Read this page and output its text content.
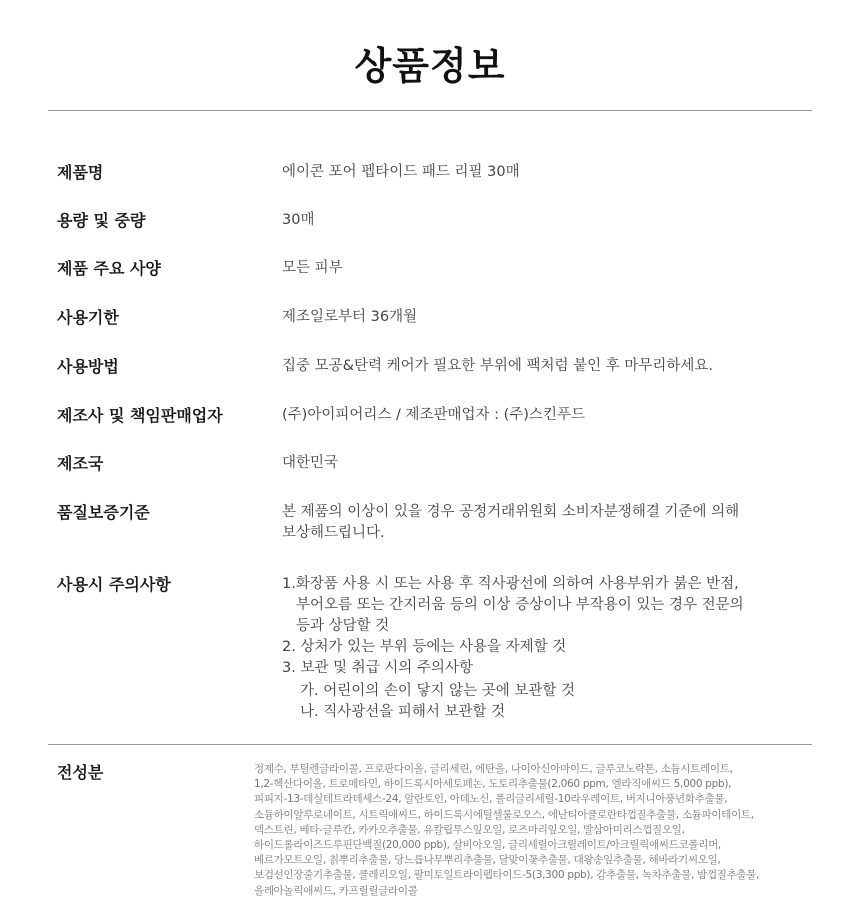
상품정보
제품명	에이콘 포어 펩타이드 패드 리필 30매
용량 및 중량	30매
제품 주요 사양	모든 피부
사용기한	제조일로부터 36개월
사용방법	집중 모공&탄력 케어가 필요한 부위에 팩처럼 붙인 후 마무리하세요.
제조사 및 책임판매업자	(주)아이피어리스 / 제조판매업자 : (주)스킨푸드
제조국	대한민국
품질보증기준	본 제품의 이상이 있을 경우 공정거래위원회 소비자분쟁해결 기준에 의해

보상해드립니다.

사용시 주의사항	1.화장품 사용 시 또는 사용 후 직사광선에 의하여 사용부위가 붉은 반점,

부어오름 또는 간지러움 등의 이상 증상이나 부작용이 있는 경우 전문의

등과 상담할 것

2. 상처가 있는 부위 등에는 사용을 자제할 것

3. 보관 및 취급 시의 주의사항

가. 어린이의 손이 닿지 않는 곳에 보관할 것

나. 직사광선을 피해서 보관할 것

전성분	정제수, 부틸렌글라이콜, 프로판다이올, 글리세린, 에탄올, 나이아신아마이드, 글루코노락톤, 소듐시트레이트,
1,2-헥산다이올, 트로메타민, 하이드록시아세토페논, 도토리추출물(2,060 ppm, 엘라직애씨드 5,000 ppb),
피피지-13-데실테트라데세스-24, 알란토인, 아데노신, 폴리글리세릴-10라우레이트, 버지니아풍년화추출물,
소듐하이알루로네이트, 시트릭애씨드, 하이드록시에틸셀룰로오스, 에난티아클로란타껍질추출물, 소듐파이테이트,
덱스트린, 베타-글루칸, 카카오추출물, 유칼립투스잎오일, 로즈마리잎오일, 발삼아미리스껍질오일,
하이드롤라이즈드루핀단백질(20,000 ppb), 살비아오일, 글리세릴아크릴레이트/아크릴릭애씨드코폴리머,
베르가모트오일, 칡뿌리추출물, 당느릅나무뿌리추출물, 달맞이꽃추출물, 대왕송잎추출물, 해바라기씨오일,
보검선인장줄기추출물, 클레리오일, 팔미토일트라이펩타이드-5(3,300 ppb), 감추출물, 녹차추출물, 밤껍질추출물,
올레아놀릭애씨드, 카프릴릴글라이콜
